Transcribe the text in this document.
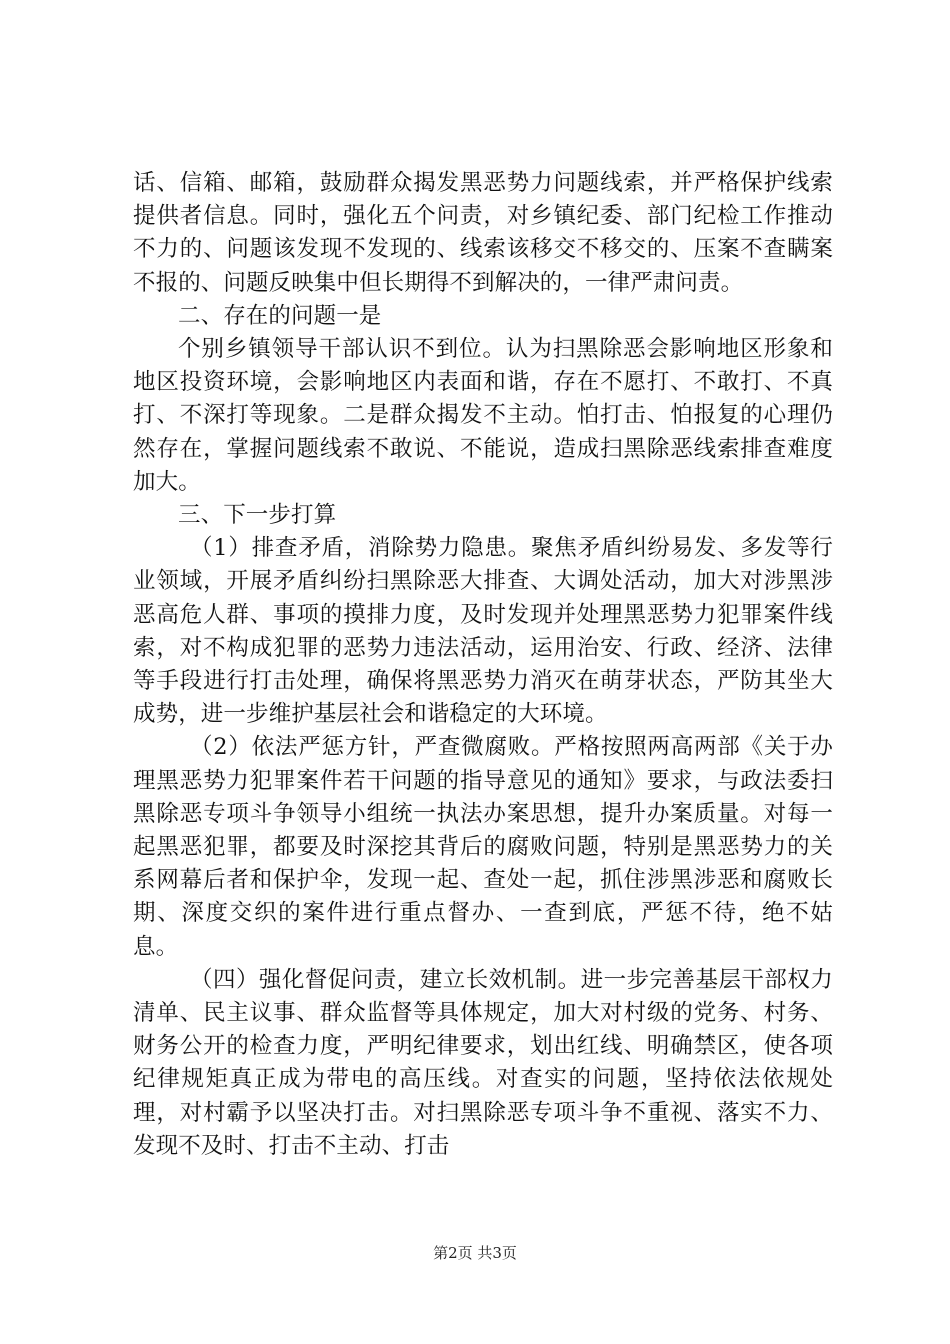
话、信箱、邮箱，鼓励群众揭发黑恶势力问题线索，并严格保护线索提供者信息。同时，强化五个问责，对乡镇纪委、部门纪检工作推动不力的、问题该发现不发现的、线索该移交不移交的、压案不查瞒案不报的、问题反映集中但长期得不到解决的，一律严肃问责。

二、存在的问题一是

个别乡镇领导干部认识不到位。认为扫黑除恶会影响地区形象和地区投资环境，会影响地区内表面和谐，存在不愿打、不敢打、不真打、不深打等现象。二是群众揭发不主动。怕打击、怕报复的心理仍然存在，掌握问题线索不敢说、不能说，造成扫黑除恶线索排查难度加大。

三、下一步打算

（1）排查矛盾，消除势力隐患。聚焦矛盾纠纷易发、多发等行业领域，开展矛盾纠纷扫黑除恶大排查、大调处活动，加大对涉黑涉恶高危人群、事项的摸排力度，及时发现并处理黑恶势力犯罪案件线索，对不构成犯罪的恶势力违法活动，运用治安、行政、经济、法律等手段进行打击处理，确保将黑恶势力消灭在萌芽状态，严防其坐大成势，进一步维护基层社会和谐稳定的大环境。

（2）依法严惩方针，严查微腐败。严格按照两高两部《关于办理黑恶势力犯罪案件若干问题的指导意见的通知》要求，与政法委扫黑除恶专项斗争领导小组统一执法办案思想，提升办案质量。对每一起黑恶犯罪，都要及时深挖其背后的腐败问题，特别是黑恶势力的关系网幕后者和保护伞，发现一起、查处一起，抓住涉黑涉恶和腐败长期、深度交织的案件进行重点督办、一查到底，严惩不待，绝不姑息。

（四）强化督促问责，建立长效机制。进一步完善基层干部权力清单、民主议事、群众监督等具体规定，加大对村级的党务、村务、财务公开的检查力度，严明纪律要求，划出红线、明确禁区，使各项纪律规矩真正成为带电的高压线。对查实的问题，坚持依法依规处理，对村霸予以坚决打击。对扫黑除恶专项斗争不重视、落实不力、发现不及时、打击不主动、打击

第2页 共3页
